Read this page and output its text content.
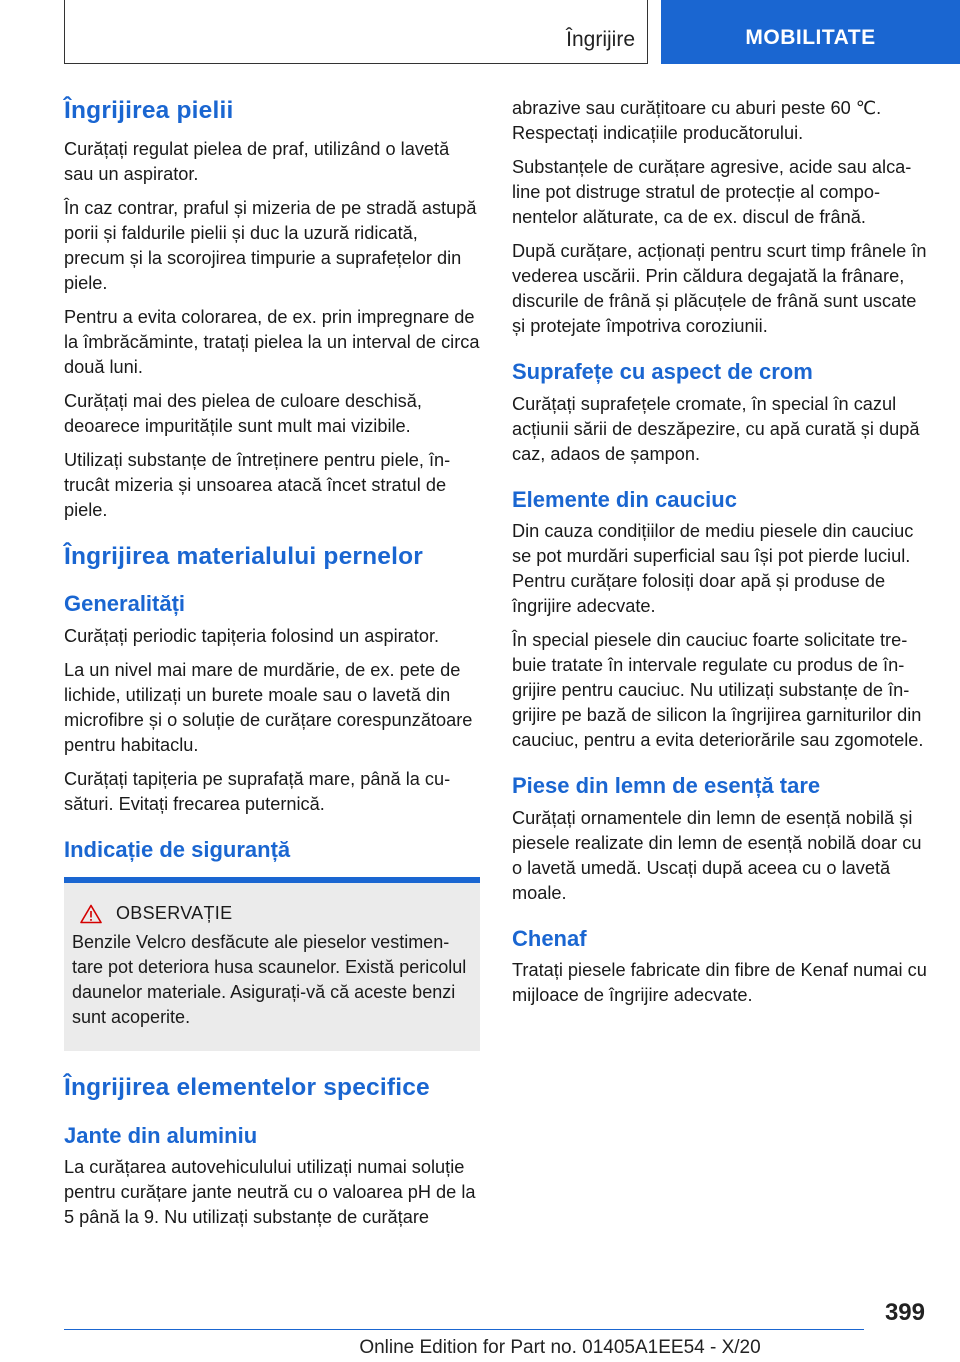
Îngrijire	MOBILITATE
Îngrijirea pielii

Curățați regulat pielea de praf, utilizând o lavetă sau un aspirator.

În caz contrar, praful și mizeria de pe stradă astupă porii și faldurile pielii și duc la uzură ridicată, precum și la scorojirea timpurie a suprafețelor din piele.

Pentru a evita colorarea, de ex. prin impregnare de la îmbrăcăminte, tratați pielea la un interval de circa două luni.

Curățați mai des pielea de culoare deschisă, deoarece impuritățile sunt mult mai vizibile.

Utilizați substanțe de întreținere pentru piele, întrucât mizeria și unsoarea atacă încet stratul de piele.

Îngrijirea materialului pernelor
Generalități

Curățați periodic tapițeria folosind un aspirator.

La un nivel mai mare de murdărie, de ex. pete de lichide, utilizați un burete moale sau o lavetă din microfibre și o soluție de curățare corespunzătoare pentru habitaclu.

Curățați tapițeria pe suprafață mare, până la cusături. Evitați frecarea puternică.

Indicație de siguranță
OBSERVAȚIE

Benzile Velcro desfăcute ale pieselor vestimentare pot deteriora husa scaunelor. Există pericolul daunelor materiale. Asigurați-vă că aceste benzi sunt acoperite.

Îngrijirea elementelor specifice
Jante din aluminiu

La curățarea autovehiculului utilizați numai soluție pentru curățare jante neutră cu o valoarea pH de la 5 până la 9. Nu utilizați substanțe de curățare

abrazive sau curățitoare cu aburi peste 60 ℃. Respectați indicațiile producătorului.

Substanțele de curățare agresive, acide sau alcaline pot distruge stratul de protecție al componentelor alăturate, ca de ex. discul de frână.

După curățare, acționați pentru scurt timp frânele în vederea uscării. Prin căldura degajată la frânare, discurile de frână și plăcuțele de frână sunt uscate și protejate împotriva coroziunii.

Suprafețe cu aspect de crom

Curățați suprafețele cromate, în special în cazul acțiunii sării de deszăpezire, cu apă curată și după caz, adaos de șampon.

Elemente din cauciuc

Din cauza condițiilor de mediu piesele din cauciuc se pot murdări superficial sau își pot pierde luciul. Pentru curățare folosiți doar apă și produse de îngrijire adecvate.

În special piesele din cauciuc foarte solicitate trebuie tratate în intervale regulate cu produs de îngrijire pentru cauciuc. Nu utilizați substanțe de îngrijire pe bază de silicon la îngrijirea garniturilor din cauciuc, pentru a evita deteriorările sau zgomotele.

Piese din lemn de esență tare

Curățați ornamentele din lemn de esență nobilă și piesele realizate din lemn de esență nobilă doar cu o lavetă umedă. Uscați după aceea cu o lavetă moale.

Chenaf

Tratați piesele fabricate din fibre de Kenaf numai cu mijloace de îngrijire adecvate.

399
Online Edition for Part no. 01405A1EE54 - X/20
